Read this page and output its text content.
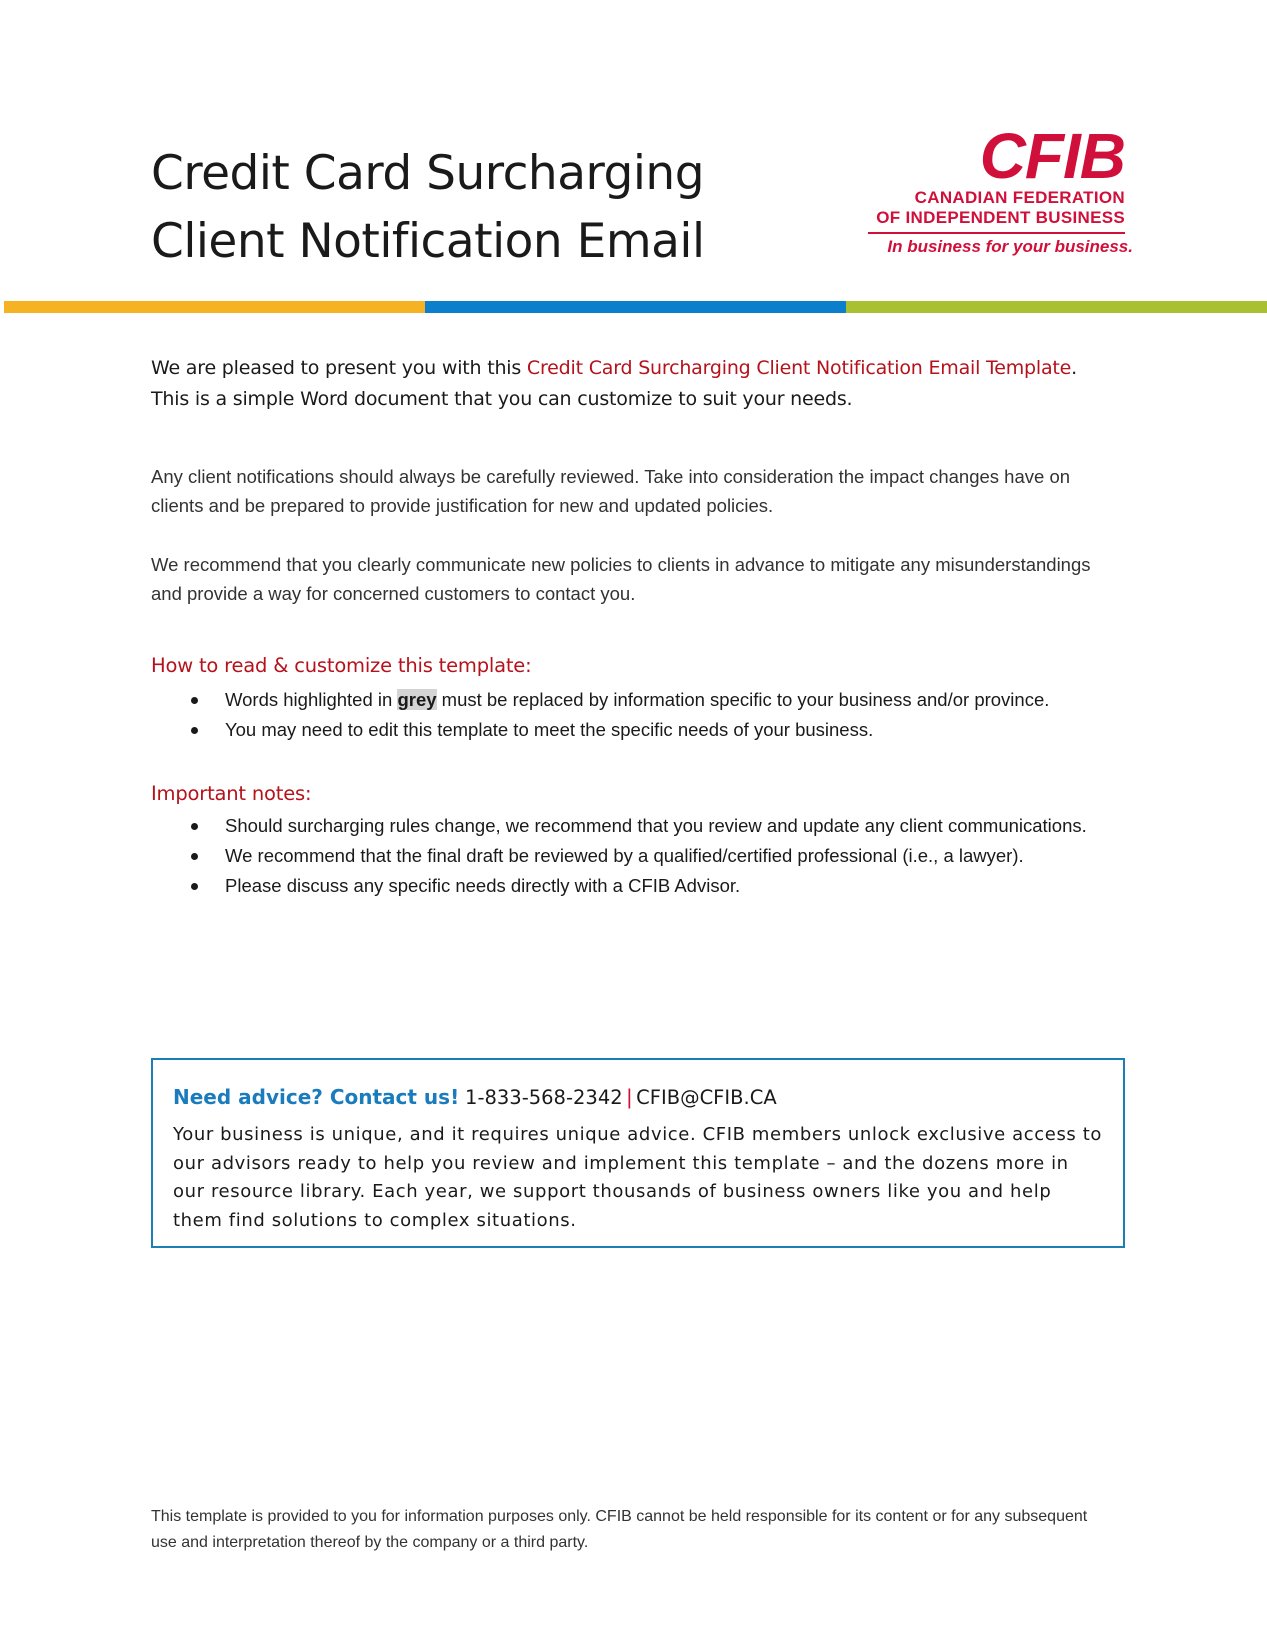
Credit Card Surcharging
Client Notification Email
CFIB
CANADIAN FEDERATION
OF INDEPENDENT BUSINESS
In business for your business.

We are pleased to present you with this Credit Card Surcharging Client Notification Email Template.
This is a simple Word document that you can customize to suit your needs.

Any client notifications should always be carefully reviewed. Take into consideration the impact changes have on clients and be prepared to provide justification for new and updated policies.

We recommend that you clearly communicate new policies to clients in advance to mitigate any misunderstandings and provide a way for concerned customers to contact you.

How to read & customize this template:
Words highlighted in grey must be replaced by information specific to your business and/or province.
You may need to edit this template to meet the specific needs of your business.
Important notes:
Should surcharging rules change, we recommend that you review and update any client communications.
We recommend that the final draft be reviewed by a qualified/certified professional (i.e., a lawyer).
Please discuss any specific needs directly with a CFIB Advisor.

Need advice? Contact us! 1-833-568-2342 | CFIB@CFIB.CA

Your business is unique, and it requires unique advice. CFIB members unlock exclusive access to our advisors ready to help you review and implement this template – and the dozens more in our resource library. Each year, we support thousands of business owners like you and help them find solutions to complex situations.

This template is provided to you for information purposes only. CFIB cannot be held responsible for its content or for any subsequent use and interpretation thereof by the company or a third party.
